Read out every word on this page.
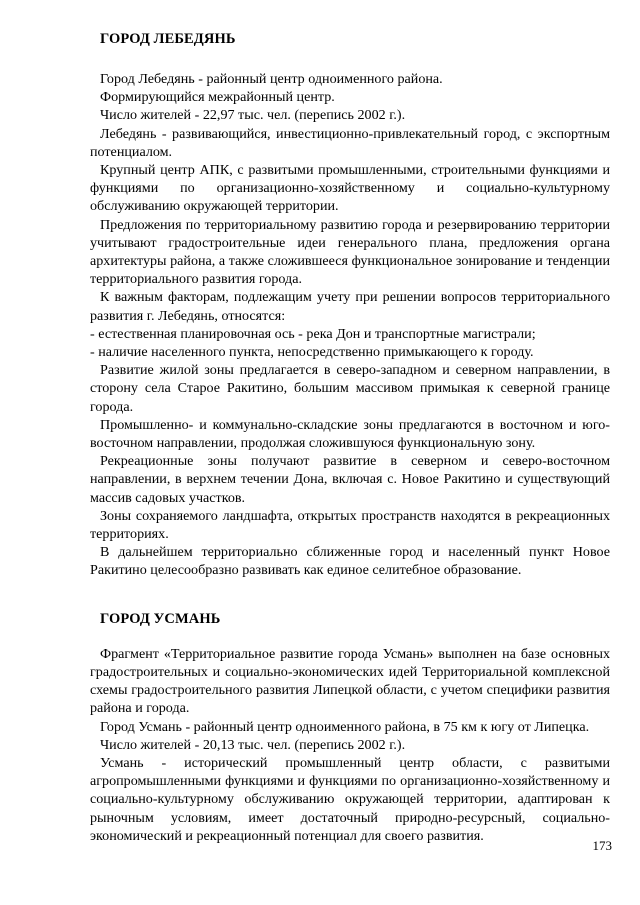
ГОРОД ЛЕБЕДЯНЬ

Город Лебедянь - районный центр одноименного района.

Формирующийся межрайонный центр.

Число жителей - 22,97 тыс. чел. (перепись 2002 г.).

Лебедянь - развивающийся, инвестиционно-привлекательный город, с экспортным потенциалом.

Крупный центр АПК, с развитыми промышленными, строительными функциями и функциями по организационно-хозяйственному и социально-культурному обслуживанию окружающей территории.

Предложения по территориальному развитию города и резервированию территории учитывают градостроительные идеи генерального плана, предложения органа архитектуры района, а также сложившееся функциональное зонирование и тенденции территориального развития города.

К важным факторам, подлежащим учету при решении вопросов территориального развития г. Лебедянь, относятся:

- естественная планировочная ось - река Дон и транспортные магистрали;

- наличие населенного пункта, непосредственно примыкающего к городу.

Развитие жилой зоны предлагается в северо-западном и северном направлении, в сторону села Старое Ракитино, большим массивом примыкая к северной границе города.

Промышленно- и коммунально-складские зоны предлагаются в восточном и юго-восточном направлении, продолжая сложившуюся функциональную зону.

Рекреационные зоны получают развитие в северном и северо-восточном направлении, в верхнем течении Дона, включая с. Новое Ракитино и существующий массив садовых участков.

Зоны сохраняемого ландшафта, открытых пространств находятся в рекреационных территориях.

В дальнейшем территориально сближенные город и населенный пункт Новое Ракитино целесообразно развивать как единое селитебное образование.

ГОРОД УСМАНЬ

Фрагмент «Территориальное развитие города Усмань» выполнен на базе основных градостроительных и социально-экономических идей Территориальной комплексной схемы градостроительного развития Липецкой области, с учетом специфики развития района и города.

Город Усмань - районный центр одноименного района, в 75 км к югу от Липецка.

Число жителей - 20,13 тыс. чел. (перепись 2002 г.).

Усмань - исторический промышленный центр области, с развитыми агропромышленными функциями и функциями по организационно-хозяйственному и социально-культурному обслуживанию окружающей территории, адаптирован к рыночным условиям, имеет достаточный природно-ресурсный, социально-экономический и рекреационный потенциал для своего развития.

173
